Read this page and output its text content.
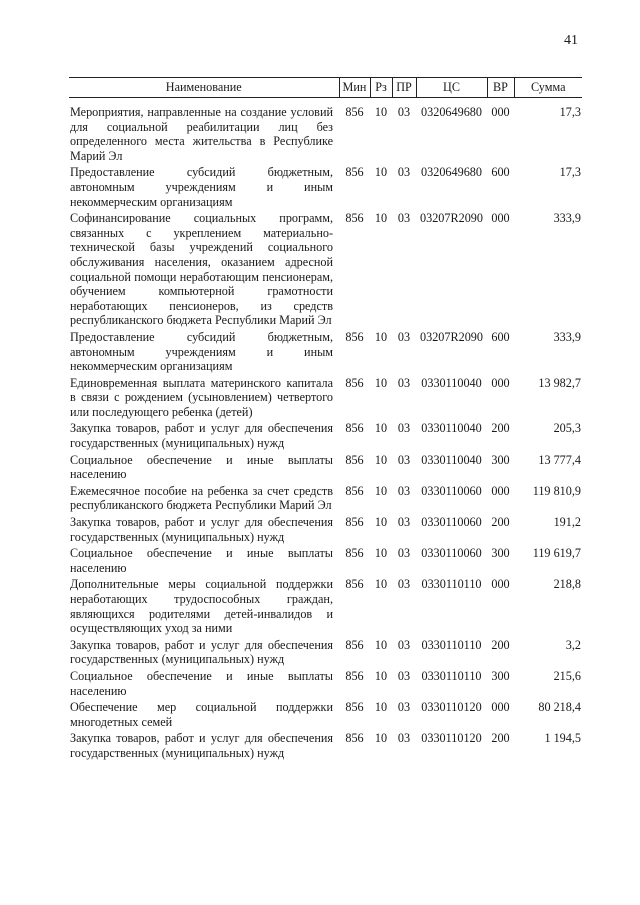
41
Наименование	Мин	Рз	ПР	ЦС	ВР	Сумма
Мероприятия, направленные на создание условий для социальной реабилитации лиц без определенного места жительства в Республике Марий Эл	856	10	03	0320649680	000	17,3
Предоставление субсидий бюджетным, автономным учреждениям и иным некоммерческим организациям	856	10	03	0320649680	600	17,3
Софинансирование социальных программ, связанных с укреплением материально-технической базы учреждений социального обслуживания населения, оказанием адресной социальной помощи неработающим пенсионерам, обучением компьютерной грамотности неработающих пенсионеров, из средств республиканского бюджета Республики Марий Эл	856	10	03	03207R2090	000	333,9
Предоставление субсидий бюджетным, автономным учреждениям и иным некоммерческим организациям	856	10	03	03207R2090	600	333,9
Единовременная выплата материнского капитала в связи с рождением (усыновлением) четвертого или последующего ребенка (детей)	856	10	03	0330110040	000	13 982,7
Закупка товаров, работ и услуг для обеспечения государственных (муниципальных) нужд	856	10	03	0330110040	200	205,3
Социальное обеспечение и иные выплаты населению	856	10	03	0330110040	300	13 777,4
Ежемесячное пособие на ребенка за счет средств республиканского бюджета Республики Марий Эл	856	10	03	0330110060	000	119 810,9
Закупка товаров, работ и услуг для обеспечения государственных (муниципальных) нужд	856	10	03	0330110060	200	191,2
Социальное обеспечение и иные выплаты населению	856	10	03	0330110060	300	119 619,7
Дополнительные меры социальной поддержки неработающих трудоспособных граждан, являющихся родителями детей-инвалидов и осуществляющих уход за ними	856	10	03	0330110110	000	218,8
Закупка товаров, работ и услуг для обеспечения государственных (муниципальных) нужд	856	10	03	0330110110	200	3,2
Социальное обеспечение и иные выплаты населению	856	10	03	0330110110	300	215,6
Обеспечение мер социальной поддержки многодетных семей	856	10	03	0330110120	000	80 218,4
Закупка товаров, работ и услуг для обеспечения государственных (муниципальных) нужд	856	10	03	0330110120	200	1 194,5
